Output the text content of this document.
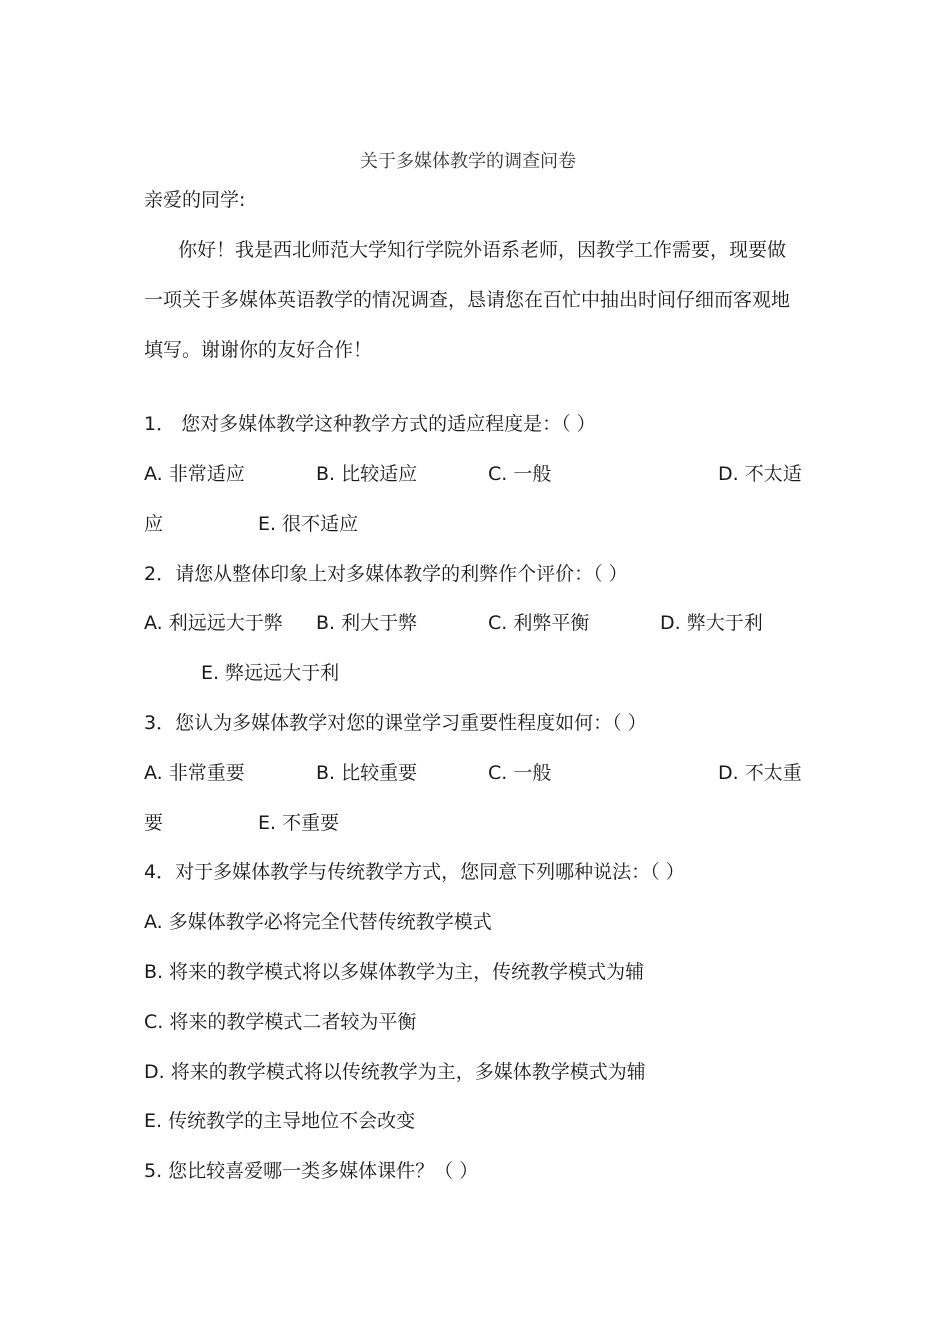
关于多媒体教学的调查问卷
亲爱的同学:
你好！我是西北师范大学知行学院外语系老师，因教学工作需要，现要做
一项关于多媒体英语教学的情况调查，恳请您在百忙中抽出时间仔细而客观地
填写。谢谢你的友好合作！
1． 您对多媒体教学这种教学方式的适应程度是：（ ）
A. 非常适应	B. 比较适应	C. 一般	D. 不太适
应	E. 很不适应
2．请您从整体印象上对多媒体教学的利弊作个评价：（ ）
A. 利远远大于弊 B. 利大于弊	C. 利弊平衡	D. 弊大于利
E. 弊远远大于利
3．您认为多媒体教学对您的课堂学习重要性程度如何：（ ）
A. 非常重要	B. 比较重要	C. 一般	D. 不太重
要	E. 不重要
4．对于多媒体教学与传统教学方式，您同意下列哪种说法：（ ）
A. 多媒体教学必将完全代替传统教学模式
B. 将来的教学模式将以多媒体教学为主，传统教学模式为辅
C. 将来的教学模式二者较为平衡
D. 将来的教学模式将以传统教学为主，多媒体教学模式为辅
E. 传统教学的主导地位不会改变
5. 您比较喜爱哪一类多媒体课件？（ ）
